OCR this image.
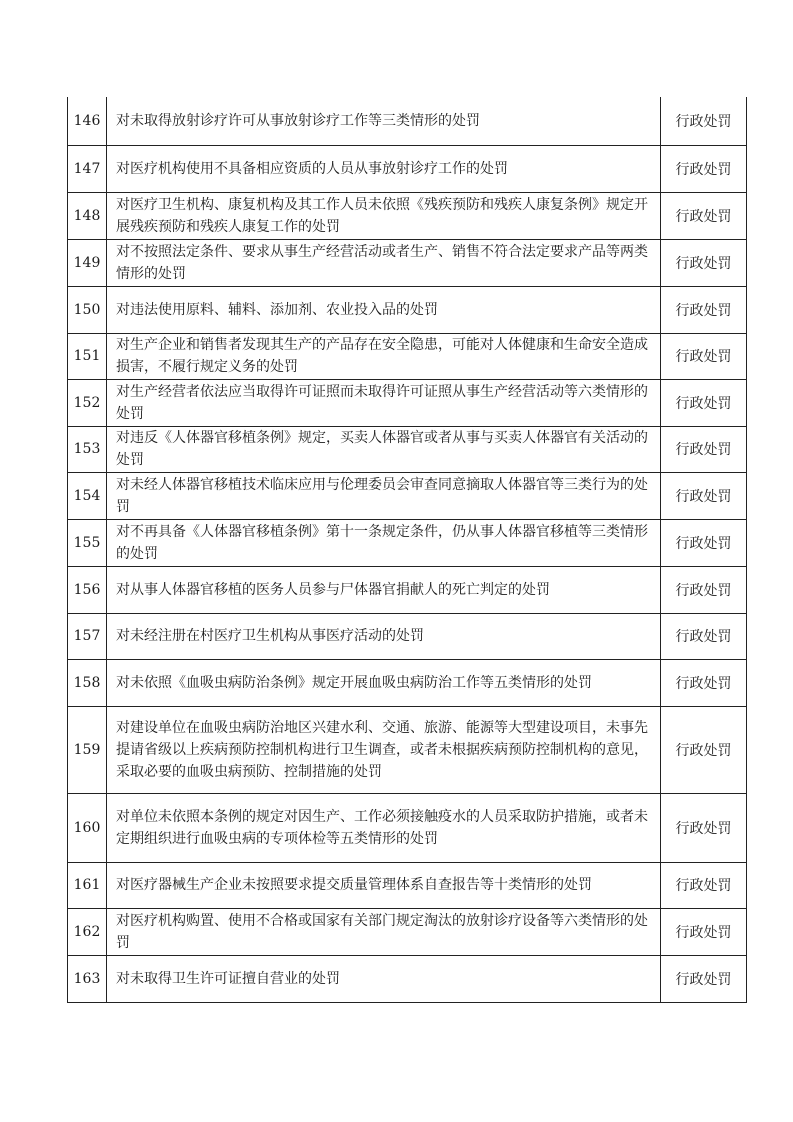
146	对未取得放射诊疗许可从事放射诊疗工作等三类情形的处罚	行政处罚
147	对医疗机构使用不具备相应资质的人员从事放射诊疗工作的处罚	行政处罚
148	对医疗卫生机构、康复机构及其工作人员未依照《残疾预防和残疾人康复条例》规定开展残疾预防和残疾人康复工作的处罚	行政处罚
149	对不按照法定条件、要求从事生产经营活动或者生产、销售不符合法定要求产品等两类情形的处罚	行政处罚
150	对违法使用原料、辅料、添加剂、农业投入品的处罚	行政处罚
151	对生产企业和销售者发现其生产的产品存在安全隐患，可能对人体健康和生命安全造成损害，不履行规定义务的处罚	行政处罚
152	对生产经营者依法应当取得许可证照而未取得许可证照从事生产经营活动等六类情形的处罚	行政处罚
153	对违反《人体器官移植条例》规定，买卖人体器官或者从事与买卖人体器官有关活动的处罚	行政处罚
154	对未经人体器官移植技术临床应用与伦理委员会审查同意摘取人体器官等三类行为的处罚	行政处罚
155	对不再具备《人体器官移植条例》第十一条规定条件，仍从事人体器官移植等三类情形的处罚	行政处罚
156	对从事人体器官移植的医务人员参与尸体器官捐献人的死亡判定的处罚	行政处罚
157	对未经注册在村医疗卫生机构从事医疗活动的处罚	行政处罚
158	对未依照《血吸虫病防治条例》规定开展血吸虫病防治工作等五类情形的处罚	行政处罚
159	对建设单位在血吸虫病防治地区兴建水利、交通、旅游、能源等大型建设项目，未事先提请省级以上疾病预防控制机构进行卫生调查，或者未根据疾病预防控制机构的意见，采取必要的血吸虫病预防、控制措施的处罚	行政处罚
160	对单位未依照本条例的规定对因生产、工作必须接触疫水的人员采取防护措施，或者未定期组织进行血吸虫病的专项体检等五类情形的处罚	行政处罚
161	对医疗器械生产企业未按照要求提交质量管理体系自查报告等十类情形的处罚	行政处罚
162	对医疗机构购置、使用不合格或国家有关部门规定淘汰的放射诊疗设备等六类情形的处罚	行政处罚
163	对未取得卫生许可证擅自营业的处罚	行政处罚
